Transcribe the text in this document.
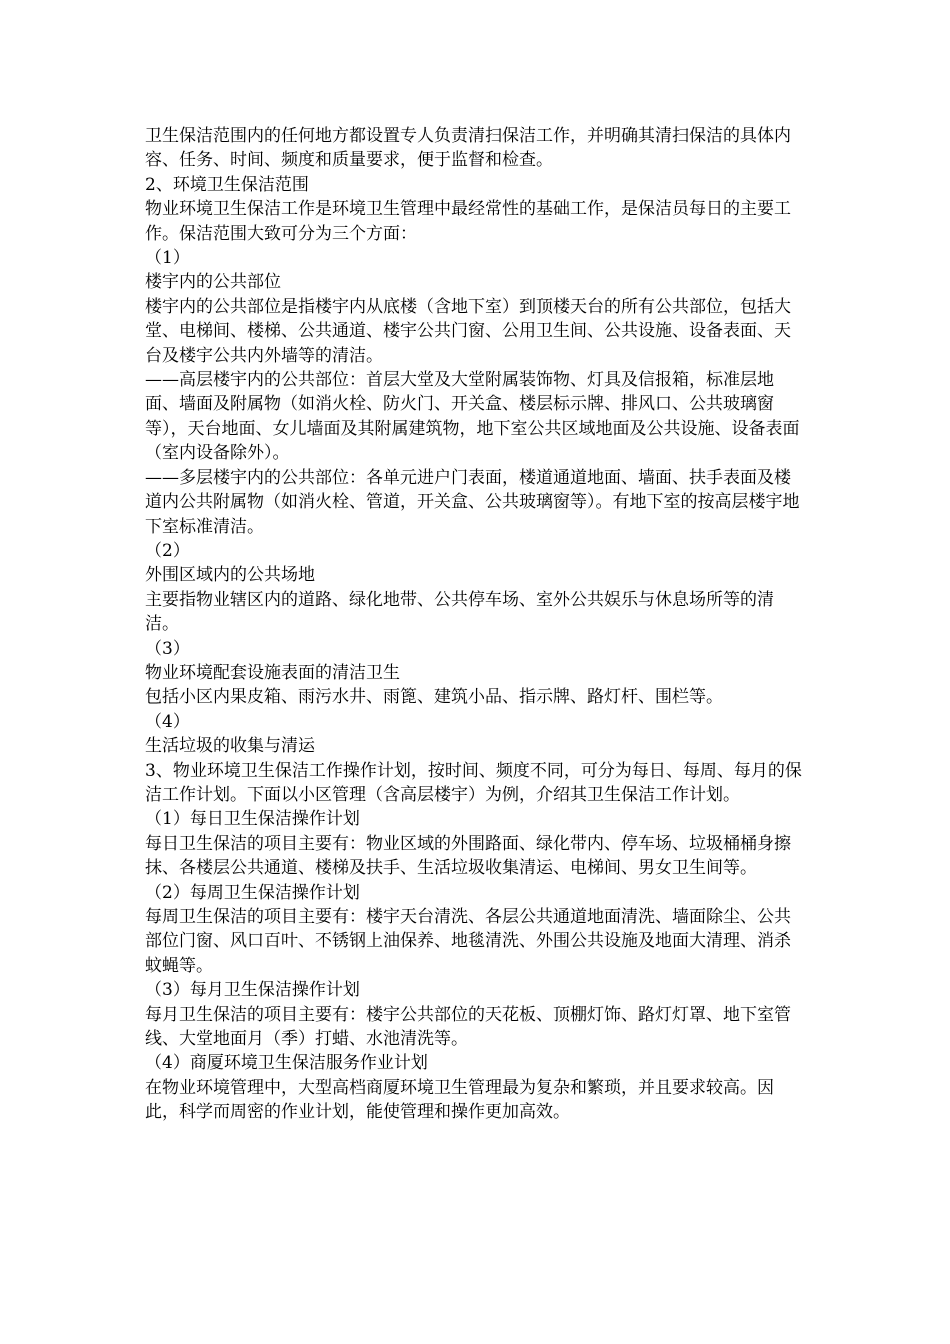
卫生保洁范围内的任何地方都设置专人负责清扫保洁工作，并明确其清扫保洁的具体内容、任务、时间、频度和质量要求，便于监督和检查。

2、环境卫生保洁范围

物业环境卫生保洁工作是环境卫生管理中最经常性的基础工作，是保洁员每日的主要工作。保洁范围大致可分为三个方面：

（1）

楼宇内的公共部位

楼宇内的公共部位是指楼宇内从底楼（含地下室）到顶楼天台的所有公共部位，包括大堂、电梯间、楼梯、公共通道、楼宇公共门窗、公用卫生间、公共设施、设备表面、天台及楼宇公共内外墙等的清洁。

——高层楼宇内的公共部位：首层大堂及大堂附属装饰物、灯具及信报箱，标准层地面、墙面及附属物（如消火栓、防火门、开关盒、楼层标示牌、排风口、公共玻璃窗等），天台地面、女儿墙面及其附属建筑物，地下室公共区域地面及公共设施、设备表面（室内设备除外）。

——多层楼宇内的公共部位：各单元进户门表面，楼道通道地面、墙面、扶手表面及楼道内公共附属物（如消火栓、管道，开关盒、公共玻璃窗等）。有地下室的按高层楼宇地下室标准清洁。

（2）

外围区域内的公共场地

主要指物业辖区内的道路、绿化地带、公共停车场、室外公共娱乐与休息场所等的清洁。

（3）

物业环境配套设施表面的清洁卫生

包括小区内果皮箱、雨污水井、雨篦、建筑小品、指示牌、路灯杆、围栏等。

（4）

生活垃圾的收集与清运

3、物业环境卫生保洁工作操作计划，按时间、频度不同，可分为每日、每周、每月的保洁工作计划。下面以小区管理（含高层楼宇）为例，介绍其卫生保洁工作计划。

（1）每日卫生保洁操作计划

每日卫生保洁的项目主要有：物业区域的外围路面、绿化带内、停车场、垃圾桶桶身擦抹、各楼层公共通道、楼梯及扶手、生活垃圾收集清运、电梯间、男女卫生间等。

（2）每周卫生保洁操作计划

每周卫生保洁的项目主要有：楼宇天台清洗、各层公共通道地面清洗、墙面除尘、公共部位门窗、风口百叶、不锈钢上油保养、地毯清洗、外围公共设施及地面大清理、消杀蚊蝇等。

（3）每月卫生保洁操作计划

每月卫生保洁的项目主要有：楼宇公共部位的天花板、顶棚灯饰、路灯灯罩、地下室管线、大堂地面月（季）打蜡、水池清洗等。

（4）商厦环境卫生保洁服务作业计划

在物业环境管理中，大型高档商厦环境卫生管理最为复杂和繁琐，并且要求较高。因此，科学而周密的作业计划，能使管理和操作更加高效。
